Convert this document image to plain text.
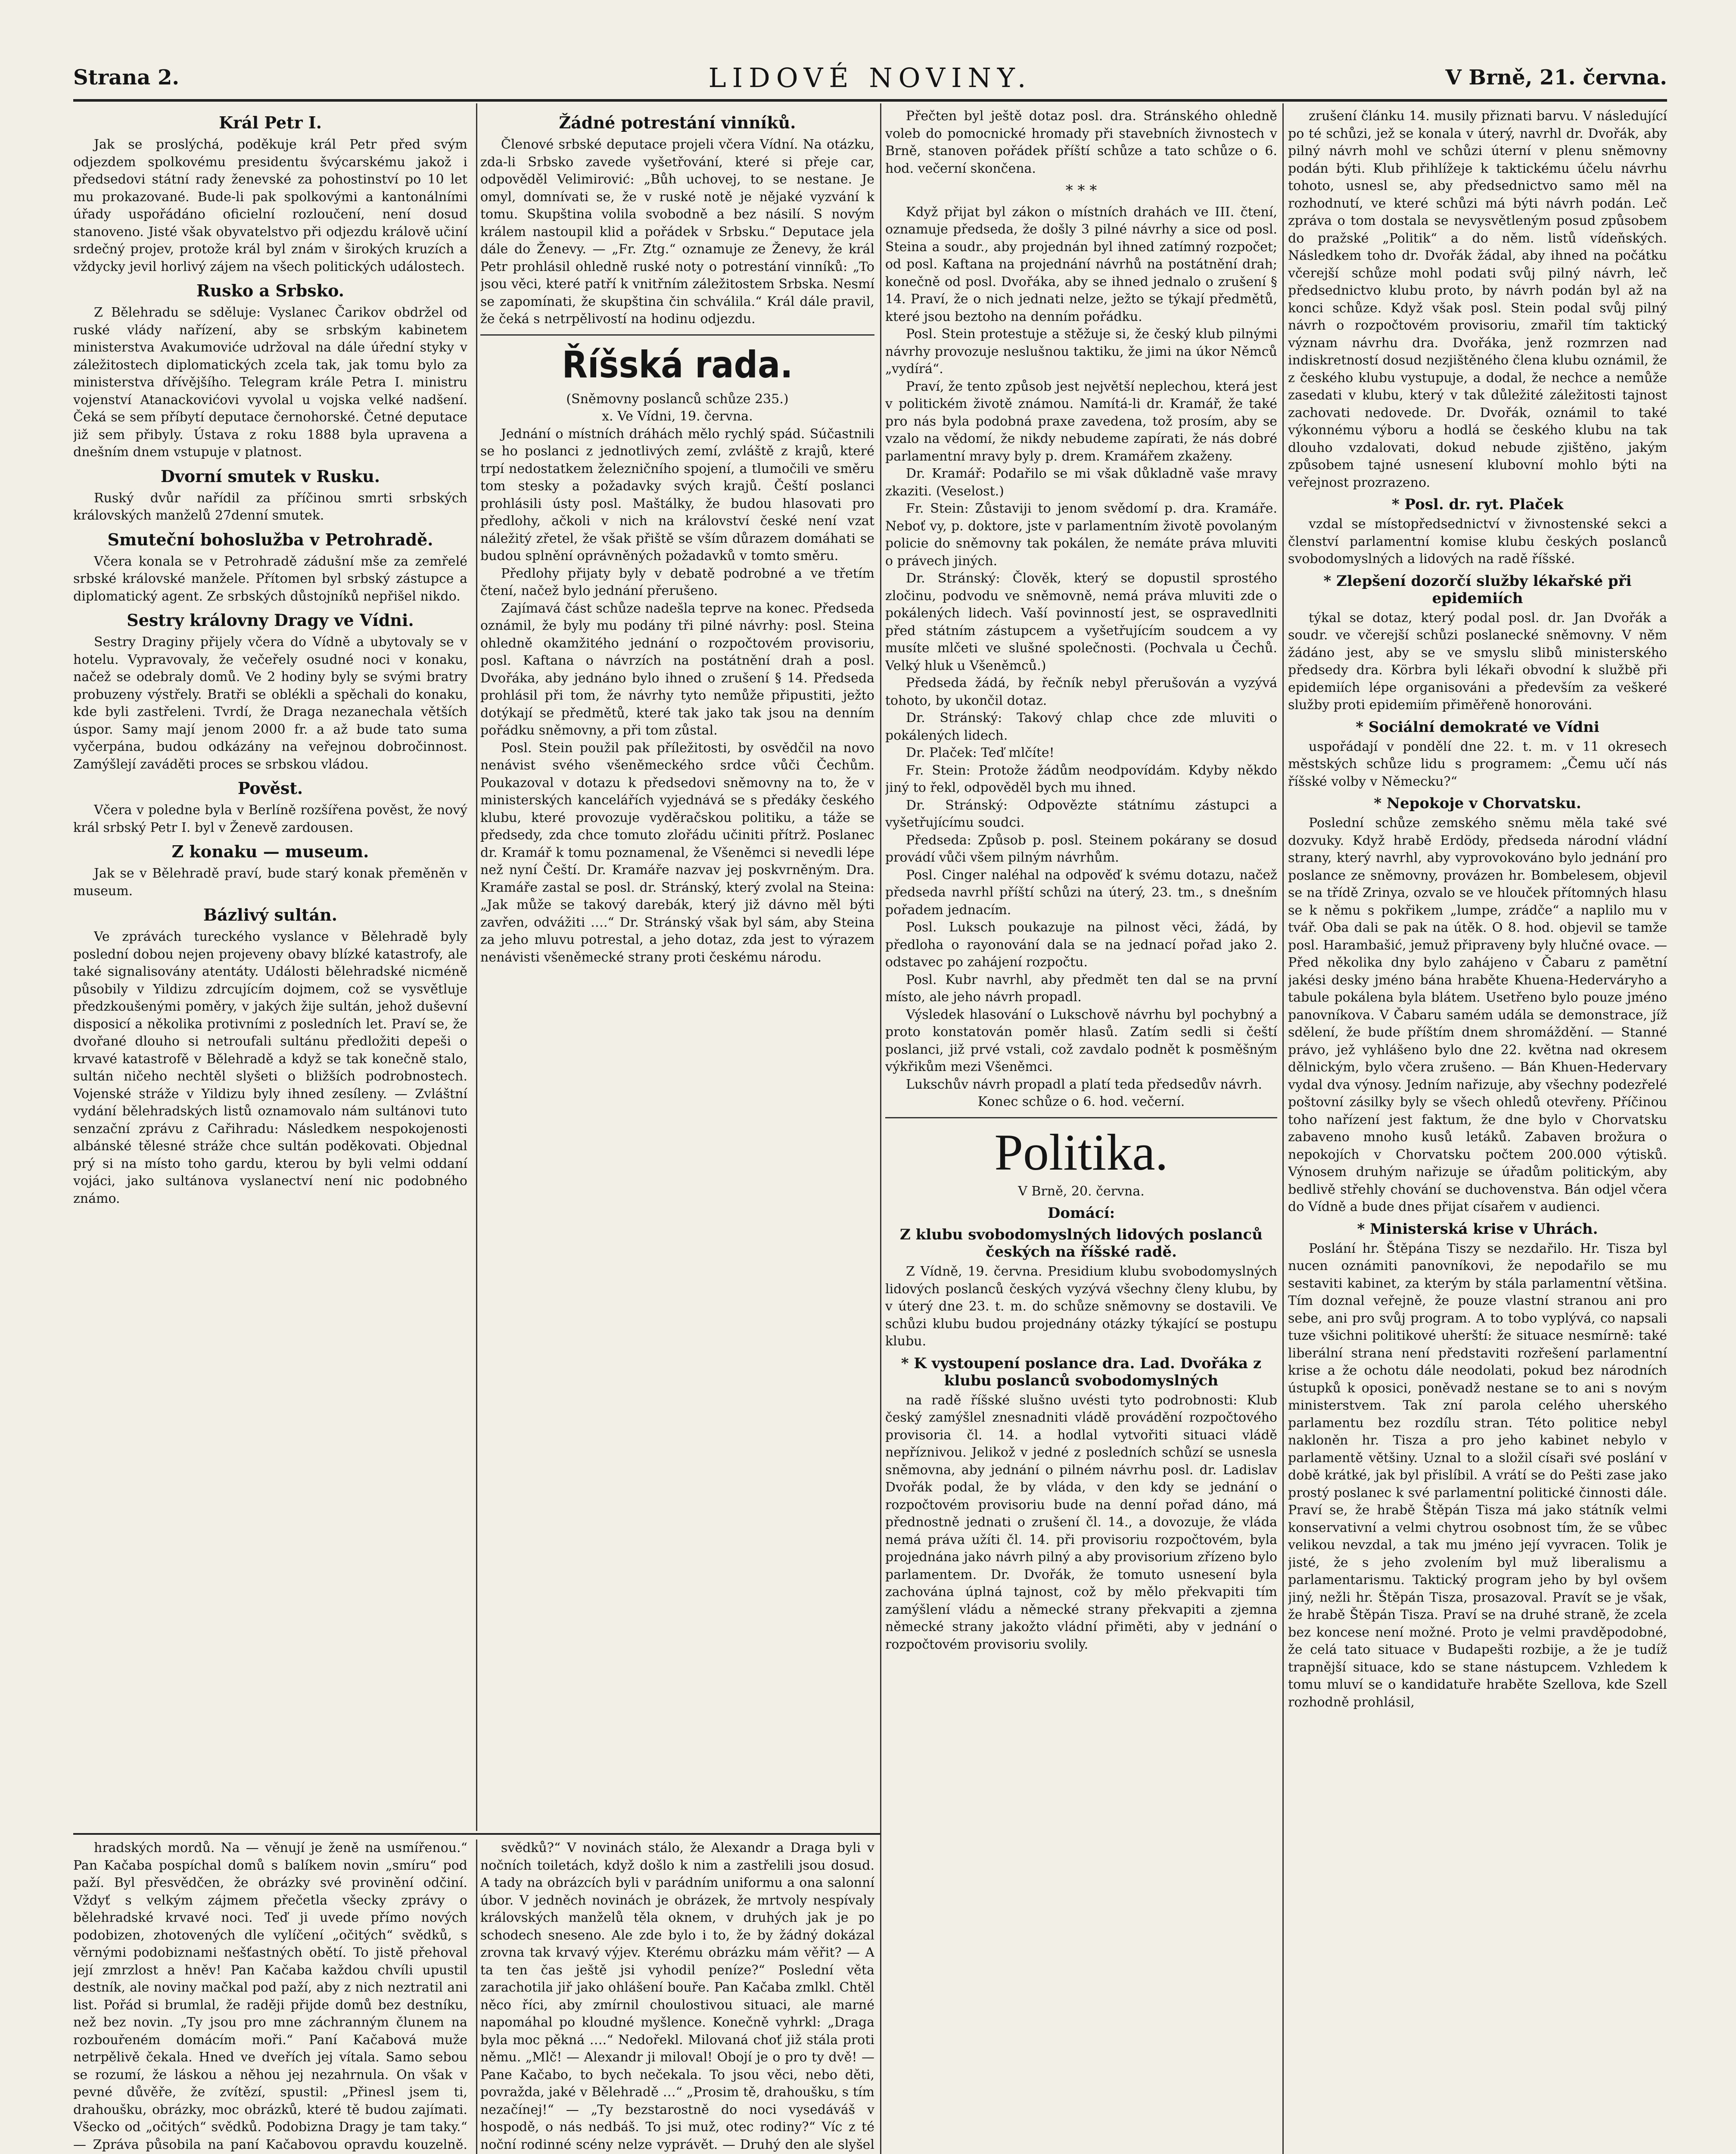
Strana 2.	LIDOVÉ NOVINY.	V Brně, 21. června.
Král Petr I.

Jak se proslýchá, poděkuje král Petr před svým odjezdem spolkovému presidentu švýcarskému jakož i předsedovi státní rady ženevské za pohostinství po 10 let mu prokazované. Bude-li pak spolkovými a kantonálními úřady uspořádáno oficielní rozloučení, není dosud stanoveno. Jisté však obyvatelstvo při odjezdu králově učiní srdečný projev, protože král byl znám v širokých kruzích a vždycky jevil horlivý zájem na všech politických událostech.

Rusko a Srbsko.

Z Bělehradu se sděluje: Vyslanec Čarikov obdržel od ruské vlády nařízení, aby se srbským kabinetem ministerstva Avakumoviće udržoval na dále úřední styky v záležitostech diplomatických zcela tak, jak tomu bylo za ministerstva dřívějšího. Telegram krále Petra I. ministru vojenství Atanackovićovi vyvolal u vojska velké nadšení. Čeká se sem příbytí deputace černohorské. Četné deputace již sem přibyly. Ústava z roku 1888 byla upravena a dnešním dnem vstupuje v platnost.

Dvorní smutek v Rusku.

Ruský dvůr nařídil za příčinou smrti srbských královských manželů 27denní smutek.

Smuteční bohoslužba v Petrohradě.

Včera konala se v Petrohradě zádušní mše za zemřelé srbské královské manžele. Přítomen byl srbský zástupce a diplomatický agent. Ze srbských důstojníků nepřišel nikdo.

Sestry královny Dragy ve Vídni.

Sestry Draginy přijely včera do Vídně a ubytovaly se v hotelu. Vypravovaly, že večeřely osudné noci v konaku, načež se odebraly domů. Ve 2 hodiny byly se svými bratry probuzeny výstřely. Bratři se oblékli a spěchali do konaku, kde byli zastřeleni. Tvrdí, že Draga nezanechala větších úspor. Samy mají jenom 2000 fr. a až bude tato suma vyčerpána, budou odkázány na veřejnou dobročinnost. Zamýšlejí zaváděti proces se srbskou vládou.

Pověst.

Včera v poledne byla v Berlíně rozšířena pověst, že nový král srbský Petr I. byl v Ženevě zardousen.

Z konaku — museum.

Jak se v Bělehradě praví, bude starý konak přeměněn v museum.

Bázlivý sultán.

Ve zprávách tureckého vyslance v Bělehradě byly poslední dobou nejen projeveny obavy blízké katastrofy, ale také signalisovány atentáty. Události bělehradské nicméně působily v Yildizu zdrcujícím dojmem, což se vysvětluje předzkoušenými poměry, v jakých žije sultán, jehož duševní disposicí a několika protivními z posledních let. Praví se, že dvořané dlouho si netroufali sultánu předložiti depeši o krvavé katastrofě v Bělehradě a když se tak konečně stalo, sultán ničeho nechtěl slyšeti o bližších podrobnostech. Vojenské stráže v Yildizu byly ihned zesíleny. — Zvláštní vydání bělehradských listů oznamovalo nám sultánovi tuto senzační zprávu z Cařihradu: Následkem nespokojenosti albánské tělesné stráže chce sultán poděkovati. Objednal prý si na místo toho gardu, kterou by byli velmi oddaní vojáci, jako sultánova vyslanectví není nic podobného známo.

Žádné potrestání vinníků.

Členové srbské deputace projeli včera Vídní. Na otázku, zda-li Srbsko zavede vyšetřování, které si přeje car, odpověděl Velimirović: „Bůh uchovej, to se nestane. Je omyl, domnívati se, že v ruské notě je nějaké vyzvání k tomu. Skupština volila svobodně a bez násilí. S novým králem nastoupil klid a pořádek v Srbsku.“ Deputace jela dále do Ženevy. — „Fr. Ztg.“ oznamuje ze Ženevy, že král Petr prohlásil ohledně ruské noty o potrestání vinníků: „To jsou věci, které patří k vnitřním záležitostem Srbska. Nesmí se zapomínati, že skupština čin schválila.“ Král dále pravil, že čeká s netrpělivostí na hodinu odjezdu.

Říšská rada.

(Sněmovny poslanců schůze 235.)

x. Ve Vídni, 19. června.

Jednání o místních dráhách mělo rychlý spád. Súčastnili se ho poslanci z jednotlivých zemí, zvláště z krajů, které trpí nedostatkem železničního spojení, a tlumočili ve směru tom stesky a požadavky svých krajů. Čeští poslanci prohlásili ústy posl. Maštálky, že budou hlasovati pro předlohy, ačkoli v nich na království české není vzat náležitý zřetel, že však přiště se vším důrazem domáhati se budou splnění oprávněných požadavků v tomto směru.

Předlohy přijaty byly v debatě podrobné a ve třetím čtení, načež bylo jednání přerušeno.

Zajímavá část schůze nadešla teprve na konec. Předseda oznámil, že byly mu podány tři pilné návrhy: posl. Steina ohledně okamžitého jednání o rozpočtovém provisoriu, posl. Kaftana o návrzích na postátnění drah a posl. Dvořáka, aby jednáno bylo ihned o zrušení § 14. Předseda prohlásil při tom, že návrhy tyto nemůže připustiti, ježto dotýkají se předmětů, které tak jako tak jsou na denním pořádku sněmovny, a při tom zůstal.

Posl. Stein použil pak příležitosti, by osvědčil na novo nenávist svého všeněmeckého srdce vůči Čechům. Poukazoval v dotazu k předsedovi sněmovny na to, že v ministerských kancelářích vyjednává se s předáky českého klubu, které provozuje vyděračskou politiku, a táže se předsedy, zda chce tomuto zlořádu učiniti přítrž. Poslanec dr. Kramář k tomu poznamenal, že Všeněmci si nevedli lépe než nyní Čeští. Dr. Kramáře nazvav jej poskvrněným. Dra. Kramáře zastal se posl. dr. Stránský, který zvolal na Steina: „Jak může se takový darebák, který již dávno měl býti zavřen, odvážiti ….“ Dr. Stránský však byl sám, aby Steina za jeho mluvu potrestal, a jeho dotaz, zda jest to výrazem nenávisti všeněmecké strany proti českému národu.

Přečten byl ještě dotaz posl. dra. Stránského ohledně voleb do pomocnické hromady při stavebních živnostech v Brně, stanoven pořádek příští schůze a tato schůze o 6. hod. večerní skončena.

* * *

Když přijat byl zákon o místních drahách ve III. čtení, oznamuje předseda, že došly 3 pilné návrhy a sice od posl. Steina a soudr., aby projednán byl ihned zatímný rozpočet; od posl. Kaftana na projednání návrhů na postátnění drah; konečně od posl. Dvořáka, aby se ihned jednalo o zrušení § 14. Praví, že o nich jednati nelze, ježto se týkají předmětů, které jsou beztoho na denním pořádku.

Posl. Stein protestuje a stěžuje si, že český klub pilnými návrhy provozuje neslušnou taktiku, že jimi na úkor Němců „vydírá“.

Praví, že tento způsob jest největší neplechou, která jest v politickém životě známou. Namítá-li dr. Kramář, že také pro nás byla podobná praxe zavedena, tož prosím, aby se vzalo na vědomí, že nikdy nebudeme zapírati, že nás dobré parlamentní mravy byly p. drem. Kramářem zkaženy.

Dr. Kramář: Podařilo se mi však důkladně vaše mravy zkaziti. (Veselost.)

Fr. Stein: Zůstaviji to jenom svědomí p. dra. Kramáře. Neboť vy, p. doktore, jste v parlamentním životě povolaným policie do sněmovny tak pokálen, že nemáte práva mluviti o právech jiných.

Dr. Stránský: Člověk, který se dopustil sprostého zločinu, podvodu ve sněmovně, nemá práva mluviti zde o pokálených lidech. Vaší povinností jest, se ospravedlniti před státním zástupcem a vyšetřujícím soudcem a vy musíte mlčeti ve slušné společnosti. (Pochvala u Čechů. Velký hluk u Všeněmců.)

Předseda žádá, by řečník nebyl přerušován a vyzývá tohoto, by ukončil dotaz.

Dr. Stránský: Takový chlap chce zde mluviti o pokálených lidech.

Dr. Plaček: Teď mlčíte!

Fr. Stein: Protože žádům neodpovídám. Kdyby někdo jiný to řekl, odpověděl bych mu ihned.

Dr. Stránský: Odpovězte státnímu zástupci a vyšetřujícímu soudci.

Předseda: Způsob p. posl. Steinem pokárany se dosud provádí vůči všem pilným návrhům.

Posl. Cinger naléhal na odpověď k svému dotazu, načež předseda navrhl příští schůzi na úterý, 23. tm., s dnešním pořadem jednacím.

Posl. Luksch poukazuje na pilnost věci, žádá, by předloha o rayonování dala se na jednací pořad jako 2. odstavec po zahájení rozpočtu.

Posl. Kubr navrhl, aby předmět ten dal se na první místo, ale jeho návrh propadl.

Výsledek hlasování o Lukschově návrhu byl pochybný a proto konstatován poměr hlasů. Zatím sedli si čeští poslanci, již prvé vstali, což zavdalo podnět k posměšným výkřikům mezi Všeněmci.

Lukschův návrh propadl a platí teda předsedův návrh.

Konec schůze o 6. hod. večerní.

Politika.

V Brně, 20. června.

Domácí:
Z klubu svobodomyslných lidových poslanců českých na říšské radě.

Z Vídně, 19. června. Presidium klubu svobodomyslných lidových poslanců českých vyzývá všechny členy klubu, by v úterý dne 23. t. m. do schůze sněmovny se dostavili. Ve schůzi klubu budou projednány otázky týkající se postupu klubu.

* K vystoupení poslance dra. Lad. Dvořáka z klubu poslanců svobodomyslných

na radě říšské slušno uvésti tyto podrobnosti: Klub český zamýšlel znesnadniti vládě provádění rozpočtového provisoria čl. 14. a hodlal vytvořiti situaci vládě nepříznivou. Jelikož v jedné z posledních schůzí se usnesla sněmovna, aby jednání o pilném návrhu posl. dr. Ladislav Dvořák podal, že by vláda, v den kdy se jednání o rozpočtovém provisoriu bude na denní pořad dáno, má přednostně jednati o zrušení čl. 14., a dovozuje, že vláda nemá práva užíti čl. 14. při provisoriu rozpočtovém, byla projednána jako návrh pilný a aby provisorium zřízeno bylo parlamentem. Dr. Dvořák, že tomuto usnesení byla zachována úplná tajnost, což by mělo překvapiti tím zamýšlení vládu a německé strany překvapiti a zjemna německé strany jakožto vládní přiměti, aby v jednání o rozpočtovém provisoriu svolily.

zrušení článku 14. musily přiznati barvu. V následující po té schůzi, jež se konala v úterý, navrhl dr. Dvořák, aby pilný návrh mohl ve schůzi úterní v plenu sněmovny podán býti. Klub přihlížeje k taktickému účelu návrhu tohoto, usnesl se, aby předsednictvo samo měl na rozhodnutí, ve které schůzi má býti návrh podán. Leč zpráva o tom dostala se nevysvětleným posud způsobem do pražské „Politik“ a do něm. listů vídeňských. Následkem toho dr. Dvořák žádal, aby ihned na počátku včerejší schůze mohl podati svůj pilný návrh, leč předsednictvo klubu proto, by návrh podán byl až na konci schůze. Když však posl. Stein podal svůj pilný návrh o rozpočtovém provisoriu, zmařil tím taktický význam návrhu dra. Dvořáka, jenž rozmrzen nad indiskretností dosud nezjištěného člena klubu oznámil, že z českého klubu vystupuje, a dodal, že nechce a nemůže zasedati v klubu, který v tak důležité záležitosti tajnost zachovati nedovede. Dr. Dvořák, oznámil to také výkonnému výboru a hodlá se českého klubu na tak dlouho vzdalovati, dokud nebude zjištěno, jakým způsobem tajné usnesení klubovní mohlo býti na veřejnost prozrazeno.

* Posl. dr. ryt. Plaček

vzdal se místopředsednictví v živnostenské sekci a členství parlamentní komise klubu českých poslanců svobodomyslných a lidových na radě říšské.

* Zlepšení dozorčí služby lékařské při epidemiích

týkal se dotaz, který podal posl. dr. Jan Dvořák a soudr. ve včerejší schůzi poslanecké sněmovny. V něm žádáno jest, aby se ve smyslu slibů ministerského předsedy dra. Körbra byli lékaři obvodní k službě při epidemiích lépe organisováni a především za veškeré služby proti epidemiím přiměřeně honorováni.

* Sociální demokraté ve Vídni

uspořádají v pondělí dne 22. t. m. v 11 okresech městských schůze lidu s programem: „Čemu učí nás říšské volby v Německu?“

* Nepokoje v Chorvatsku.

Poslední schůze zemského sněmu měla také své dozvuky. Když hrabě Erdödy, předseda národní vládní strany, který navrhl, aby vyprovokováno bylo jednání pro poslance ze sněmovny, provázen hr. Bombelesem, objevil se na třídě Zrinya, ozvalo se ve hlouček přítomných hlasu se k němu s pokřikem „lumpe, zrádče“ a naplilo mu v tvář. Oba dali se pak na útěk. O 8. hod. objevil se tamže posl. Harambašić, jemuž připraveny byly hlučné ovace. — Před několika dny bylo zahájeno v Čabaru z pamětní jakési desky jméno bána hraběte Khuena-Hederváryho a tabule pokálena byla blátem. Usetřeno bylo pouze jméno panovníkova. V Čabaru samém udála se demonstrace, jíž sdělení, že bude příštím dnem shromáždění. — Stanné právo, jež vyhlášeno bylo dne 22. května nad okresem dělnickým, bylo včera zrušeno. — Bán Khuen-Hedervary vydal dva výnosy. Jedním nařizuje, aby všechny podezřelé poštovní zásilky byly se všech ohledů otevřeny. Příčinou toho nařízení jest faktum, že dne bylo v Chorvatsku zabaveno mnoho kusů letáků. Zabaven brožura o nepokojích v Chorvatsku počtem 200.000 výtisků. Výnosem druhým nařizuje se úřadům politickým, aby bedlivě střehly chování se duchovenstva. Bán odjel včera do Vídně a bude dnes přijat císařem v audienci.

* Ministerská krise v Uhrách.

Poslání hr. Štěpána Tiszy se nezdařilo. Hr. Tisza byl nucen oznámiti panovníkovi, že nepodařilo se mu sestaviti kabinet, za kterým by stála parlamentní většina. Tím doznal veřejně, že pouze vlastní stranou ani pro sebe, ani pro svůj program. A to tobo vyplývá, co napsali tuze všichni politikové uherští: že situace nesmírně: také liberální strana není představiti rozřešení parlamentní krise a že ochotu dále neodolati, pokud bez národních ústupků k oposici, poněvadž nestane se to ani s novým ministerstvem. Tak zní parola celého uherského parlamentu bez rozdílu stran. Této politice nebyl nakloněn hr. Tisza a pro jeho kabinet nebylo v parlamentě většiny. Uznal to a složil císaři své poslání v době krátké, jak byl přislíbil. A vrátí se do Pešti zase jako prostý poslanec k své parlamentní politické činnosti dále. Praví se, že hrabě Štěpán Tisza má jako státník velmi konservativní a velmi chytrou osobnost tím, že se vůbec velikou nevzdal, a tak mu jméno její vyvracen. Tolik je jisté, že s jeho zvolením byl muž liberalismu a parlamentarismu. Taktický program jeho by byl ovšem jiný, nežli hr. Štěpán Tisza, prosazoval. Pravít se je však, že hrabě Štěpán Tisza. Praví se na druhé straně, že zcela bez koncese není možné. Proto je velmi pravděpodobné, že celá tato situace v Budapešti rozbije, a že je tudíž trapnější situace, kdo se stane nástupcem. Vzhledem k tomu mluví se o kandidatuře hraběte Szellova, kde Szell rozhodně prohlásil,

hradských mordů. Na — věnují je ženě na usmířenou.“ Pan Kačaba pospíchal domů s balíkem novin „smíru“ pod paží. Byl přesvědčen, že obrázky své provinění odčiní. Vždyť s velkým zájmem přečetla všecky zprávy o bělehradské krvavé noci. Teď ji uvede přímo nových podobizen, zhotovených dle vylíčení „očitých“ svědků, s věrnými podobiznami nešťastných obětí. To jistě přehoval její zmrzlost a hněv! Pan Kačaba každou chvíli upustil destník, ale noviny mačkal pod paží, aby z nich neztratil ani list. Pořád si brumlal, že raději přijde domů bez destníku, než bez novin. „Ty jsou pro mne záchranným člunem na rozbouřeném domácím moři.“ Paní Kačabová muže netrpělivě čekala. Hned ve dveřích jej vítala. Samo sebou se rozumí, že láskou a něhou jej nezahrnula. On však v pevné důvěře, že zvítězí, spustil: „Přinesl jsem ti, drahoušku, obrázky, moc obrázků, které tě budou zajímati. Všecko od „očitých“ svědků. Podobizna Dragy je tam taky.“ — Zpráva působila na paní Kačabovou opravdu kouzelně.

svědků?“ V novinách stálo, že Alexandr a Draga byli v nočních toiletách, když došlo k nim a zastřelili jsou dosud. A tady na obrázcích byli v parádním uniformu a ona salonní úbor. V jedněch novinách je obrázek, že mrtvoly nespívaly královských manželů těla oknem, v druhých jak je po schodech sneseno. Ale zde bylo i to, že by žádný dokázal zrovna tak krvavý výjev. Kterému obrázku mám věřit? — A ta ten čas ještě jsi vyhodil peníze?“ Poslední věta zarachotila jiř jako ohlášení bouře. Pan Kačaba zmlkl. Chtěl něco říci, aby zmírnil choulostivou situaci, ale marné napomáhal po kloudné myšlence. Konečně vyhrkl: „Draga byla moc pěkná ….“ Nedořekl. Milovaná choť již stála proti němu. „Mlč! — Alexandr ji miloval! Obojí je o pro ty dvě! — Pane Kačabo, to bych nečekala. To jsou věci, nebo děti, povražda, jaké v Bělehradě …“ „Prosim tě, drahoušku, s tím nezačínej!“ — „Ty bezstarostně do noci vysedáváš v hospodě, o nás nedbáš. To jsi muž, otec rodiny?“ Víc z té noční rodinné scény nelze vyprávět. — Druhý den ale slyšel
